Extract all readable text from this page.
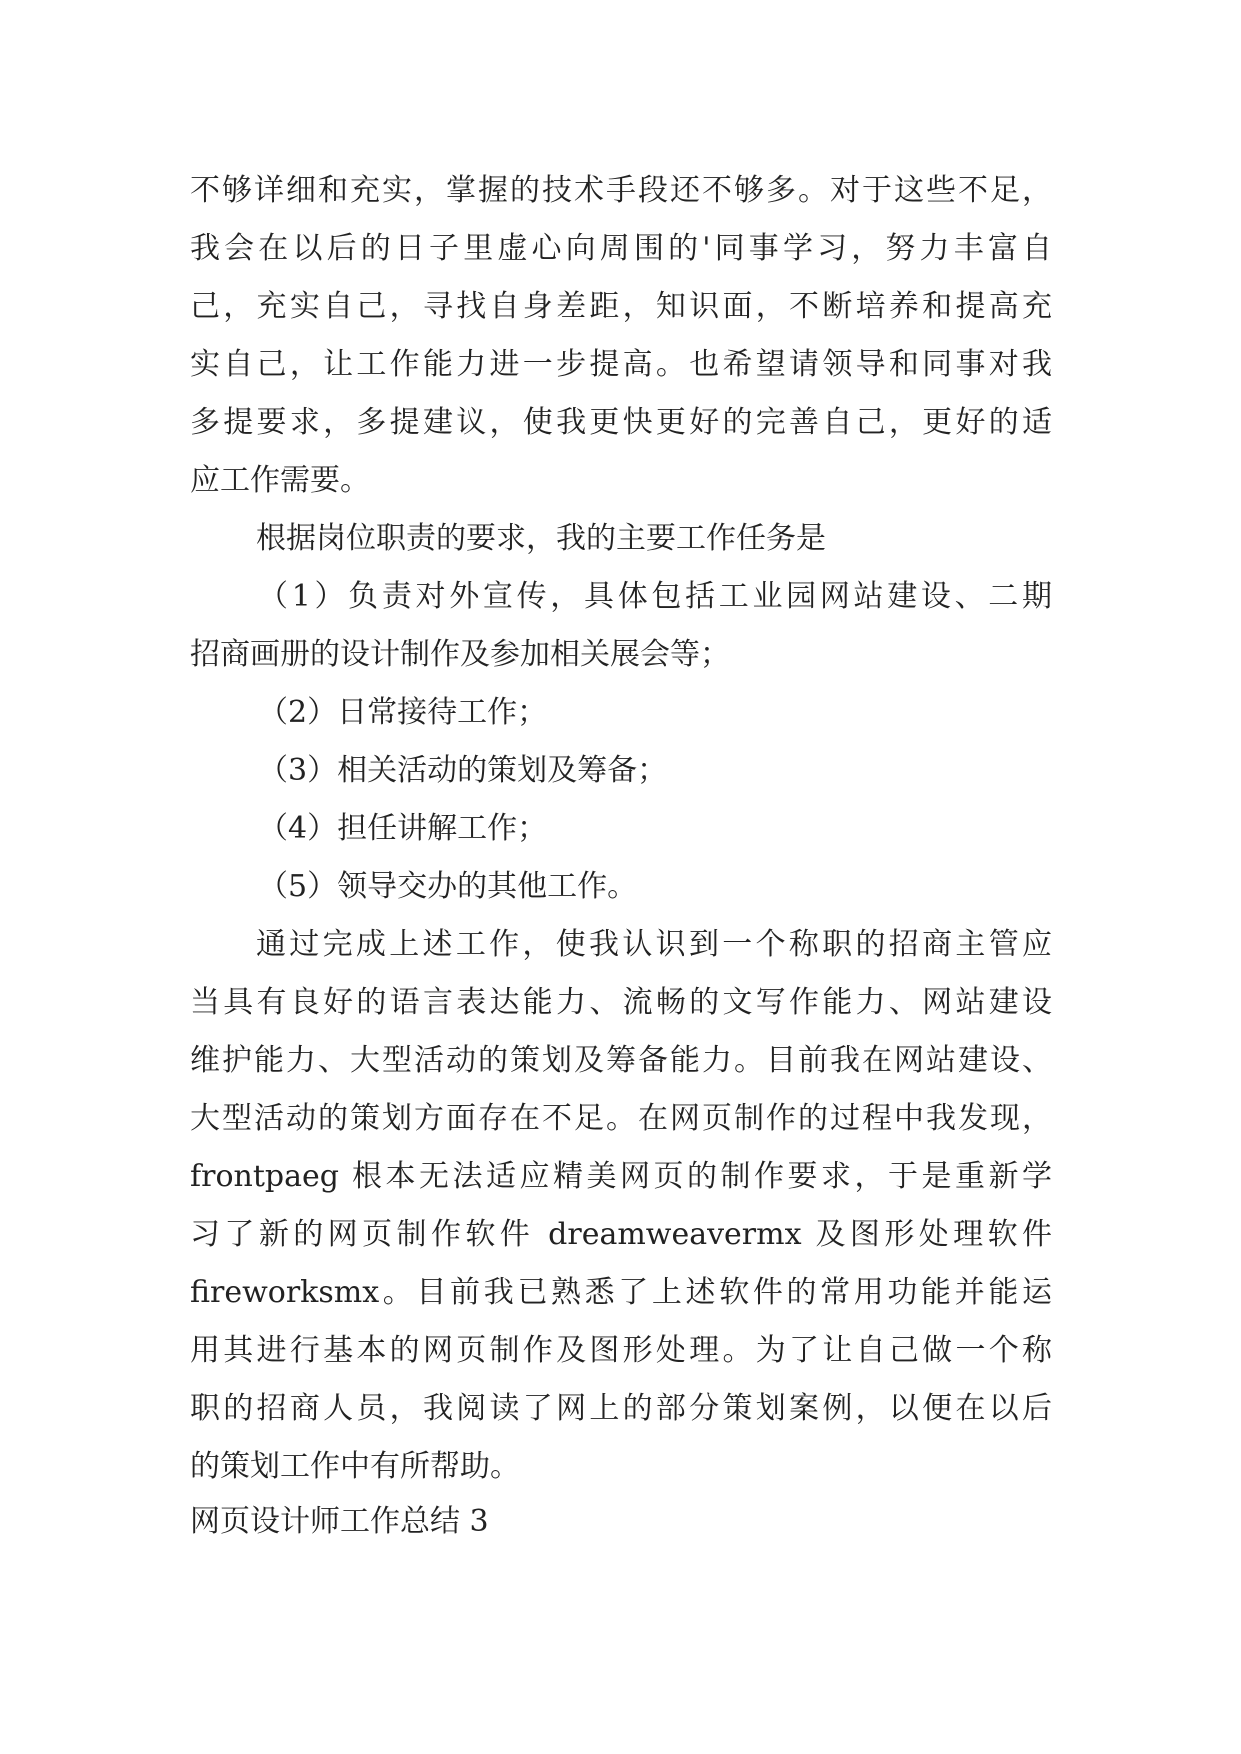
不够详细和充实，掌握的技术手段还不够多。对于这些不足，
我会在以后的日子里虚心向周围的'同事学习，努力丰富自
己，充实自己，寻找自身差距，知识面，不断培养和提高充
实自己，让工作能力进一步提高。也希望请领导和同事对我
多提要求，多提建议，使我更快更好的完善自己，更好的适
应工作需要。
根据岗位职责的要求，我的主要工作任务是
（1）负责对外宣传，具体包括工业园网站建设、二期
招商画册的设计制作及参加相关展会等；
（2）日常接待工作；
（3）相关活动的策划及筹备；
（4）担任讲解工作；
（5）领导交办的其他工作。
通过完成上述工作，使我认识到一个称职的招商主管应
当具有良好的语言表达能力、流畅的文写作能力、网站建设
维护能力、大型活动的策划及筹备能力。目前我在网站建设、
大型活动的策划方面存在不足。在网页制作的过程中我发现，
frontpaeg 根本无法适应精美网页的制作要求，于是重新学
习了新的网页制作软件 dreamweavermx 及图形处理软件
fireworksmx。目前我已熟悉了上述软件的常用功能并能运
用其进行基本的网页制作及图形处理。为了让自己做一个称
职的招商人员，我阅读了网上的部分策划案例，以便在以后
的策划工作中有所帮助。
网页设计师工作总结 3
